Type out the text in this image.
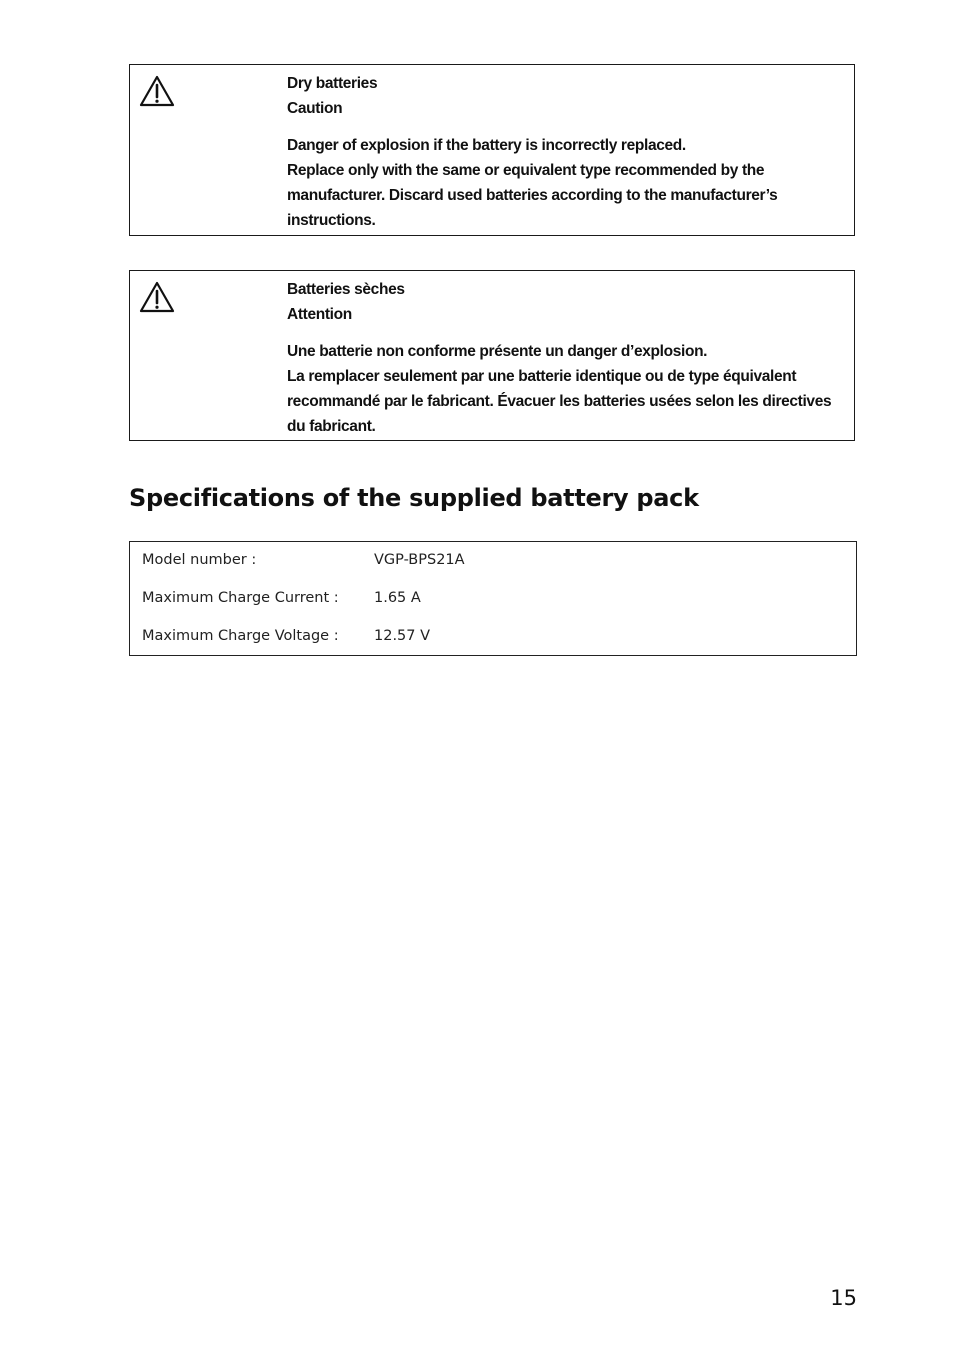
Dry batteries
Caution
Danger of explosion if the battery is incorrectly replaced.
Replace only with the same or equivalent type recommended by the
manufacturer. Discard used batteries according to the manufacturer’s
instructions.
Batteries sèches
Attention
Une batterie non conforme présente un danger d’explosion.
La remplacer seulement par une batterie identique ou de type équivalent
recommandé par le fabricant. Évacuer les batteries usées selon les directives
du fabricant.
Specifications of the supplied battery pack
Model number :	VGP-BPS21A
Maximum Charge Current : 1.65 A
Maximum Charge Voltage : 12.57 V
15
